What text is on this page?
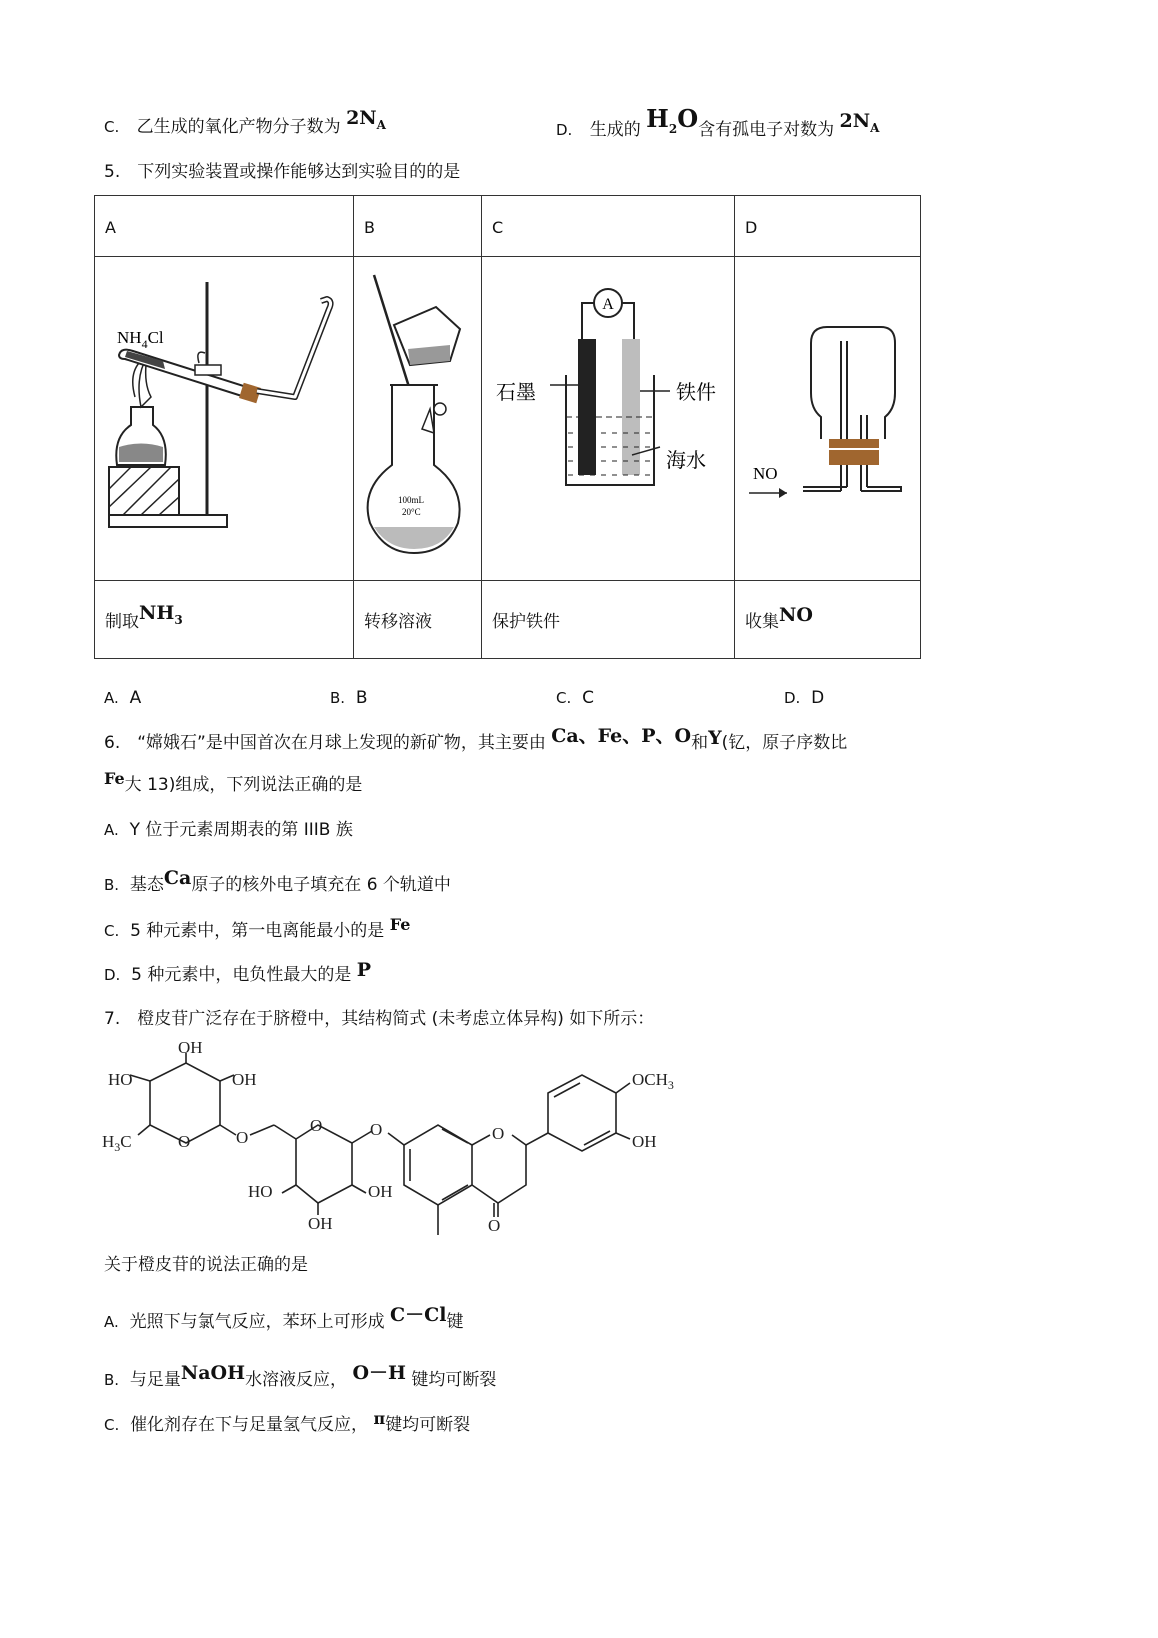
C. 乙生成的氧化产物分子数为 $2N_A$	D. 生成的 $H_2O$含有孤电子对数为 $2N_A$
5.　下列实验装置或操作能够达到实验目的的是
A	B	C	D

$NH_4Cl$	100mL
20°C	A
石墨 铁件
海水	NO

制取$NH_3$	转移溶液	保护铁件	收集NO
A. A	B. B	C. C	D. D
6.　“嫦娥石”是中国首次在月球上发现的新矿物，其主要由 Ca、Fe、P、O和Y(钇，原子序数比
Fe大 13)组成，下列说法正确的是
A. Y 位于元素周期表的第 IIIB 族
B. 基态Ca原子的核外电子填充在 6 个轨道中
C. 5 种元素中，第一电离能最小的是 Fe
D. 5 种元素中，电负性最大的是 P
7.　橙皮苷广泛存在于脐橙中，其结构简式 (未考虑立体异构) 如下所示：
OH
HO	OH
$H_3C$	O	O
O	O
HO	OH
OH
O
O
$OCH_3$
OH
关于橙皮苷的说法正确的是
A. 光照下与氯气反应，苯环上可形成 C－Cl键
B. 与足量NaOH水溶液反应， O－H 键均可断裂
C. 催化剂存在下与足量氢气反应， π键均可断裂
